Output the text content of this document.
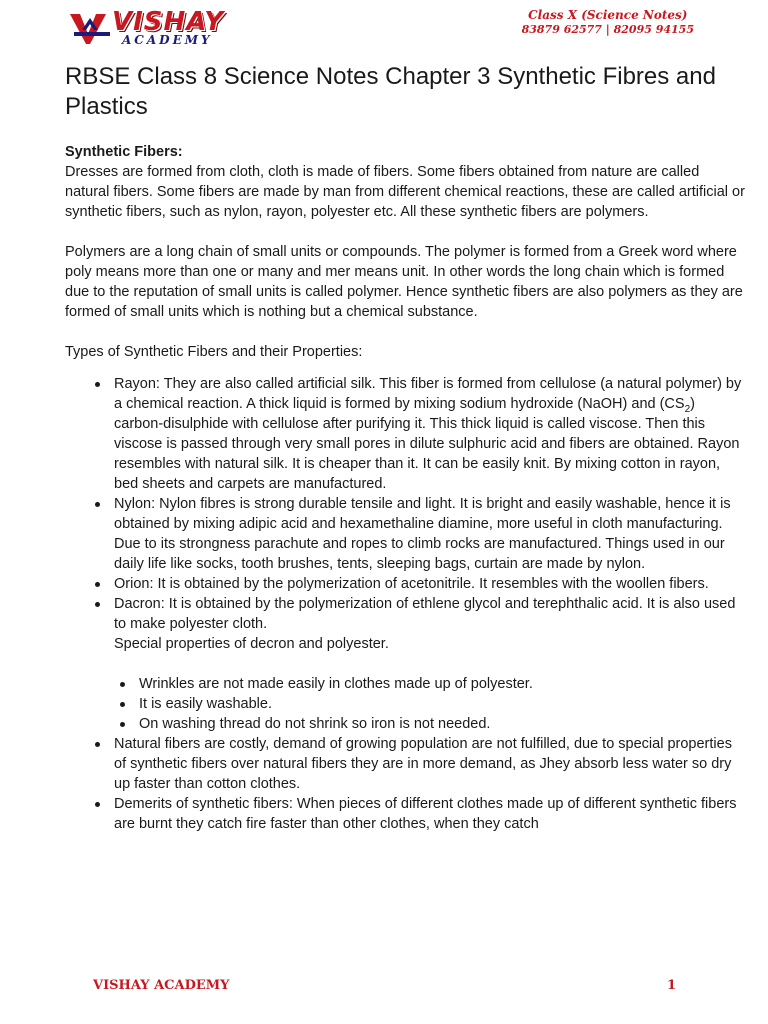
VISHAY
ACADEMY
Class X (Science Notes)
83879 62577 | 82095 94155
RBSE Class 8 Science Notes Chapter 3 Synthetic Fibres and Plastics
Synthetic Fibers:

Dresses are formed from cloth, cloth is made of fibers. Some fibers obtained from nature are called natural fibers. Some fibers are made by man from different chemical reactions, these are called artificial or synthetic fibers, such as nylon, rayon, polyester etc. All these synthetic fibers are polymers.

Polymers are a long chain of small units or compounds. The polymer is formed from a Greek word where poly means more than one or many and mer means unit. In other words the long chain which is formed due to the reputation of small units is called polymer. Hence synthetic fibers are also polymers as they are formed of small units which is nothing but a chemical substance.

Types of Synthetic Fibers and their Properties:

Rayon: They are also called artificial silk. This fiber is formed from cellulose (a natural polymer) by a chemical reaction. A thick liquid is formed by mixing sodium hydroxide (NaOH) and $(CS_2)$ carbon-disulphide with cellulose after purifying it. This thick liquid is called viscose. Then this viscose is passed through very small pores in dilute sulphuric acid and fibers are obtained. Rayon resembles with natural silk. It is cheaper than it. It can be easily knit. By mixing cotton in rayon, bed sheets and carpets are manufactured.
Nylon: Nylon fibres is strong durable tensile and light. It is bright and easily washable, hence it is obtained by mixing adipic acid and hexamethaline diamine, more useful in cloth manufacturing. Due to its strongness parachute and ropes to climb rocks are manufactured. Things used in our daily life like socks, tooth brushes, tents, sleeping bags, curtain are made by nylon.
Orion: It is obtained by the polymerization of acetonitrile. It resembles with the woollen fibers.
Dacron: It is obtained by the polymerization of ethlene glycol and terephthalic acid. It is also used to make polyester cloth.
Special properties of decron and polyester.
Wrinkles are not made easily in clothes made up of polyester.
It is easily washable.
On washing thread do not shrink so iron is not needed.
Natural fibers are costly, demand of growing population are not fulfilled, due to special properties of synthetic fibers over natural fibers they are in more demand, as Jhey absorb less water so dry up faster than cotton clothes.
Demerits of synthetic fibers: When pieces of different clothes made up of different synthetic fibers are burnt they catch fire faster than other clothes, when they catch
VISHAY ACADEMY	1
